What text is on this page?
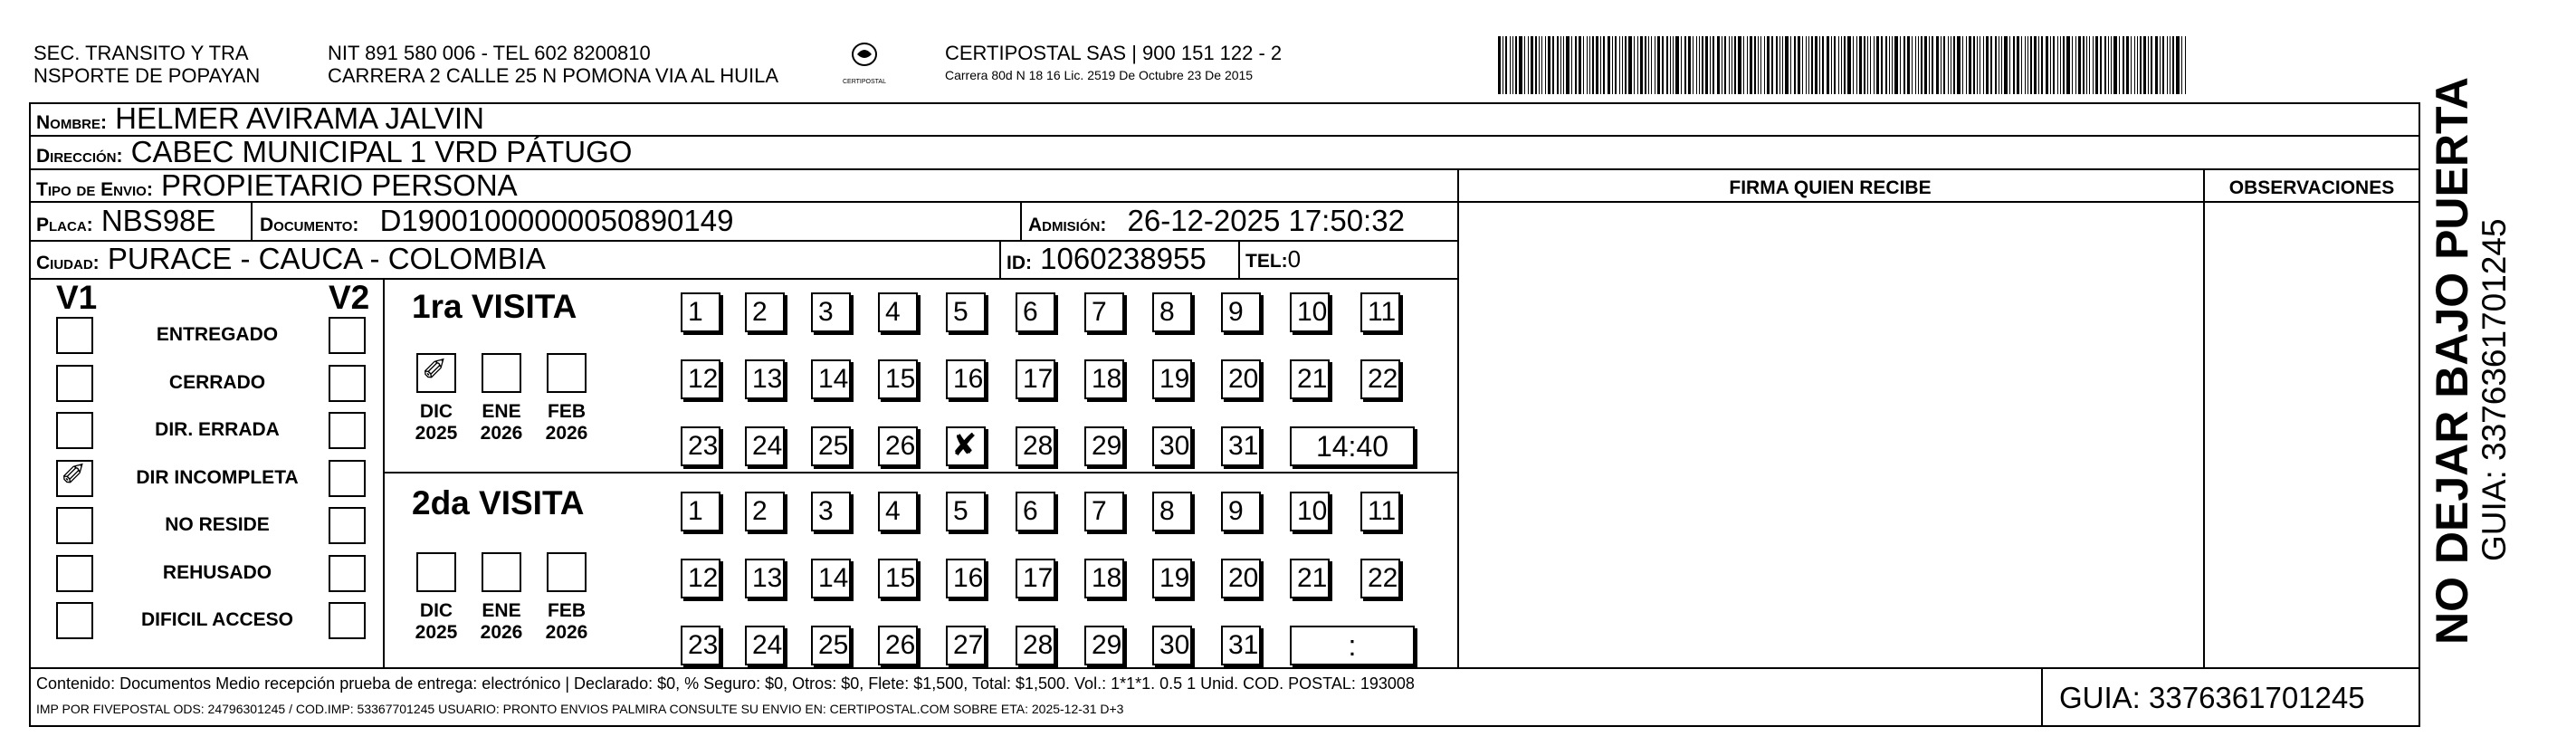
SEC. TRANSITO Y TRA
NSPORTE DE POPAYAN
NIT 891 580 006 - TEL 602 8200810
CARRERA 2 CALLE 25 N POMONA VIA AL HUILA	CERTIPOSTAL
CERTIPOSTAL SAS | 900 151 122 - 2
Carrera 80d N 18 16 Lic. 2519 De Octubre 23 De 2015
Nombre: HELMER AVIRAMA JALVIN
Dirección: CABEC MUNICIPAL 1 VRD PÁTUGO
Tipo de Envio: PROPIETARIO PERSONA
Placa: NBS98E Documento: D19001000000050890149	Admisión: 26-12-2025 17:50:32
Ciudad: PURACE - CAUCA - COLOMBIA	ID: 1060238955 TEL:0
FIRMA QUIEN RECIBE	OBSERVACIONES
V1	V2
ENTREGADO
CERRADO
DIR. ERRADA
✐	DIR INCOMPLETA
NO RESIDE
REHUSADO
DIFICIL ACCESO
1ra VISITA
2da VISITA
✐
DIC
2025
ENE
2026
FEB
2026
1	2	3	4	5	6	7	8	9	10 11
12 13 14 15 16 17 18 19 20 21 22
23 24 25 26 ✘ 28 29 30 31	14:40
DIC
2025
ENE
2026
FEB
2026
1	2	3	4	5	6	7	8	9	10 11
12 13 14 15 16 17 18 19 20 21 22
23 24 25 26 27 28 29 30 31	:
Contenido: Documentos Medio recepción prueba de entrega: electrónico | Declarado: $0, % Seguro: $0, Otros: $0, Flete: $1,500, Total: $1,500. Vol.: 1*1*1. 0.5 1 Unid. COD. POSTAL: 193008
IMP POR FIVEPOSTAL ODS: 24796301245 / COD.IMP: 53367701245 USUARIO: PRONTO ENVIOS PALMIRA CONSULTE SU ENVIO EN: CERTIPOSTAL.COM SOBRE ETA: 2025-12-31 D+3	GUIA: 3376361701245
NO DEJAR BAJO PUERTA
GUIA: 3376361701245
